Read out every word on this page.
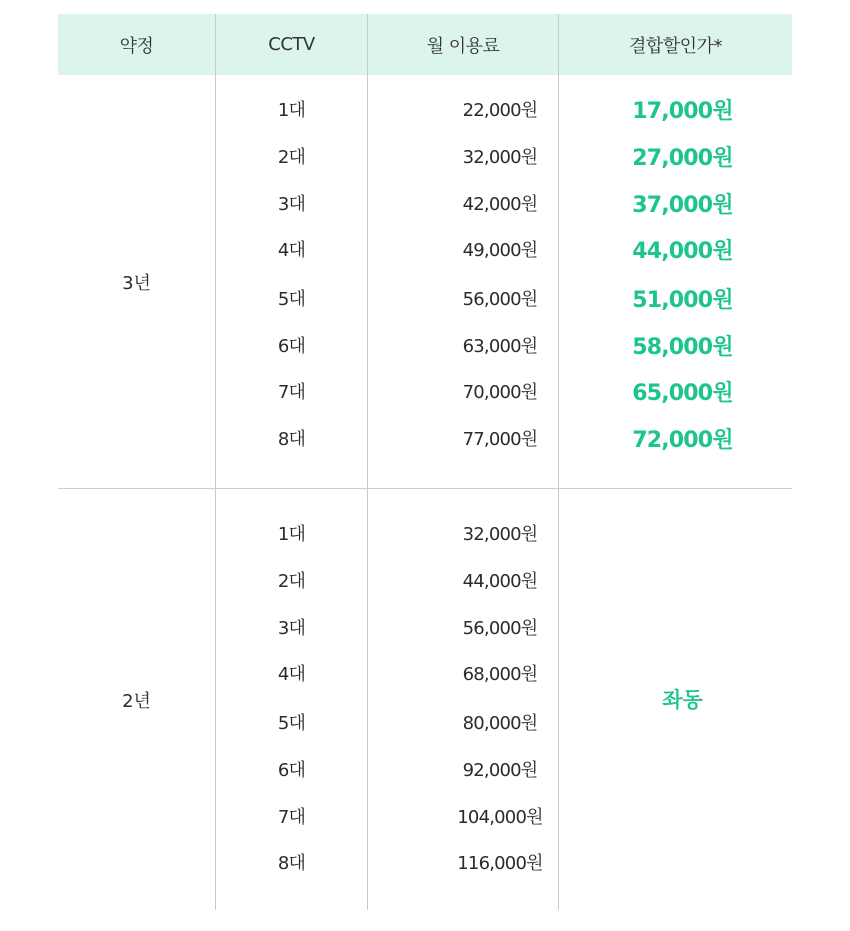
약정	CCTV	월 이용료	결합할인가*
3년
1대	22,000원	17,000원
2대	32,000원	27,000원
3대	42,000원	37,000원
4대	49,000원	44,000원
5대	56,000원	51,000원
6대	63,000원	58,000원
7대	70,000원	65,000원
8대	77,000원	72,000원
2년
1대	32,000원
2대	44,000원
3대	56,000원
4대	68,000원
5대	80,000원
6대	92,000원
7대	104,000원
8대	116,000원
좌동
